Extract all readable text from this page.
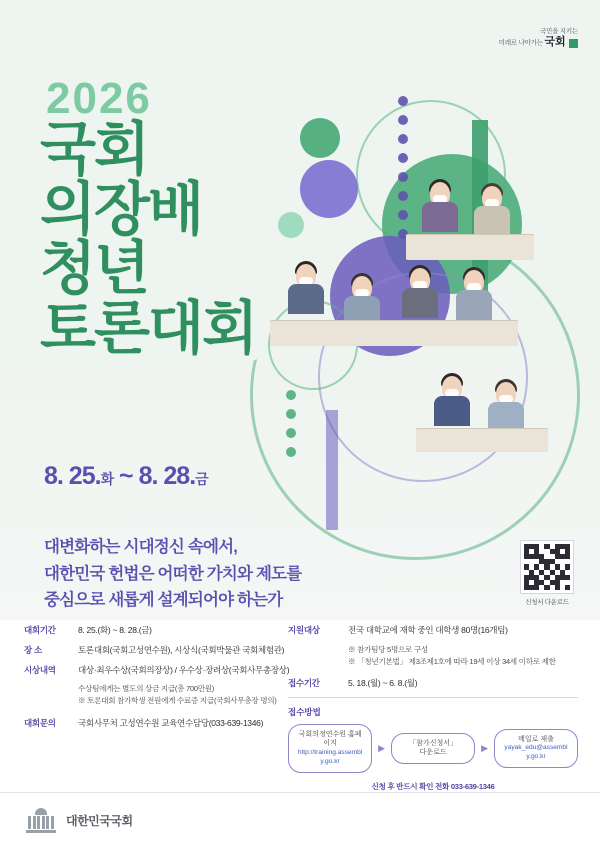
국민을 지키는
미래로 나아가는 국회
2026
국회
의장배
청년
토론대회
8. 25.화 ~ 8. 28.금
대변화하는 시대정신 속에서,
대한민국 헌법은 어떠한 가치와 제도를
중심으로 새롭게 설계되어야 하는가	신청서 다운로드
대회기간	8. 25.(화) ~ 8. 28.(금)
장 소	토론대회(국회고성연수원), 시상식(국회박물관 국회체험관)
시상내역	대상·최우수상(국회의장상) / 우수상·장려상(국회사무총장상)
수상팀에게는 별도의 상금 지급(총 700만원)
※ 토론대회 참가학생 전원에게 수료증 지급(국회사무총장 명의)
대회문의	국회사무처 고성연수원 교육연수담당(033-639-1346)
지원대상	전국 대학교에 재학 중인 대학생 80명(16개팀)
※ 참가팀당 5명으로 구성
※ 「청년기본법」 제3조제1호에 따라 19세 이상 34세 이하로 제한
접수기간	5. 18.(월) ~ 6. 8.(월)
접수방법
국회의정연수원 홈페이지
http://training.assembly.go.kr
▶	「참가신청서」
다운로드	▶
메일로 제출
yayak_edu@assembly.go.kr
신청 후 반드시 확인 전화 033-639-1346
대한민국국회
